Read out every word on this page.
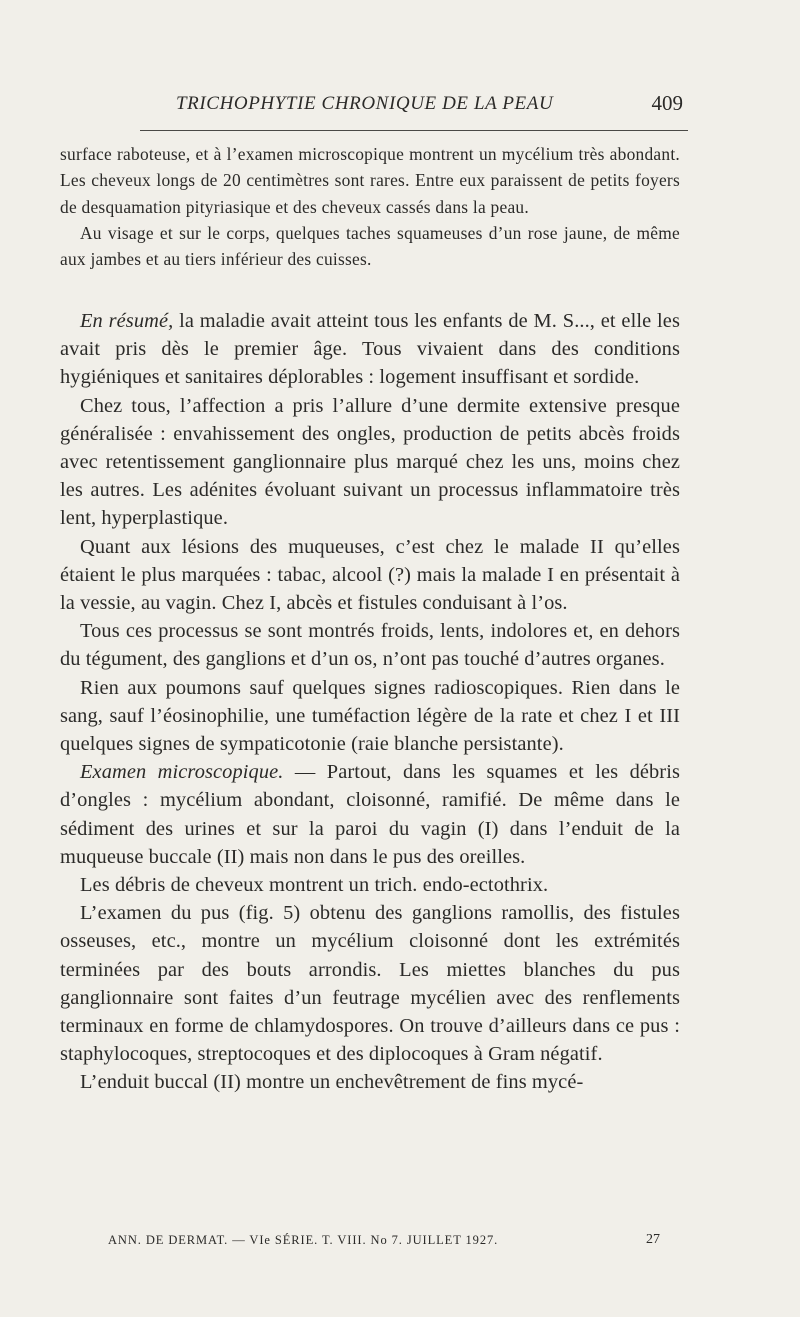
TRICHOPHYTIE CHRONIQUE DE LA PEAU	409

surface raboteuse, et à l’examen microscopique montrent un mycélium très abondant. Les cheveux longs de 20 centimètres sont rares. Entre eux paraissent de petits foyers de desquamation pityriasique et des cheveux cassés dans la peau.

Au visage et sur le corps, quelques taches squameuses d’un rose jaune, de même aux jambes et au tiers inférieur des cuisses.

En résumé, la maladie avait atteint tous les enfants de M. S..., et elle les avait pris dès le premier âge. Tous vivaient dans des conditions hygiéniques et sanitaires déplorables : logement insuffisant et sordide.

Chez tous, l’affection a pris l’allure d’une dermite extensive presque généralisée : envahissement des ongles, production de petits abcès froids avec retentissement ganglionnaire plus marqué chez les uns, moins chez les autres. Les adénites évoluant suivant un processus inflammatoire très lent, hyperplastique.

Quant aux lésions des muqueuses, c’est chez le malade II qu’elles étaient le plus marquées : tabac, alcool (?) mais la malade I en présentait à la vessie, au vagin. Chez I, abcès et fistules conduisant à l’os.

Tous ces processus se sont montrés froids, lents, indolores et, en dehors du tégument, des ganglions et d’un os, n’ont pas touché d’autres organes.

Rien aux poumons sauf quelques signes radioscopiques. Rien dans le sang, sauf l’éosinophilie, une tuméfaction légère de la rate et chez I et III quelques signes de sympaticotonie (raie blanche persistante).

Examen microscopique. — Partout, dans les squames et les débris d’ongles : mycélium abondant, cloisonné, ramifié. De même dans le sédiment des urines et sur la paroi du vagin (I) dans l’enduit de la muqueuse buccale (II) mais non dans le pus des oreilles.

Les débris de cheveux montrent un trich. endo-ectothrix.

L’examen du pus (fig. 5) obtenu des ganglions ramollis, des fistules osseuses, etc., montre un mycélium cloisonné dont les extrémités terminées par des bouts arrondis. Les miettes blanches du pus ganglionnaire sont faites d’un feutrage mycélien avec des renflements terminaux en forme de chlamydospores. On trouve d’ailleurs dans ce pus : staphylocoques, streptocoques et des diplocoques à Gram négatif.

L’enduit buccal (II) montre un enchevêtrement de fins mycé-

ANN. DE DERMAT. — VIe SÉRIE. T. VIII. No 7. JUILLET 1927.	27
